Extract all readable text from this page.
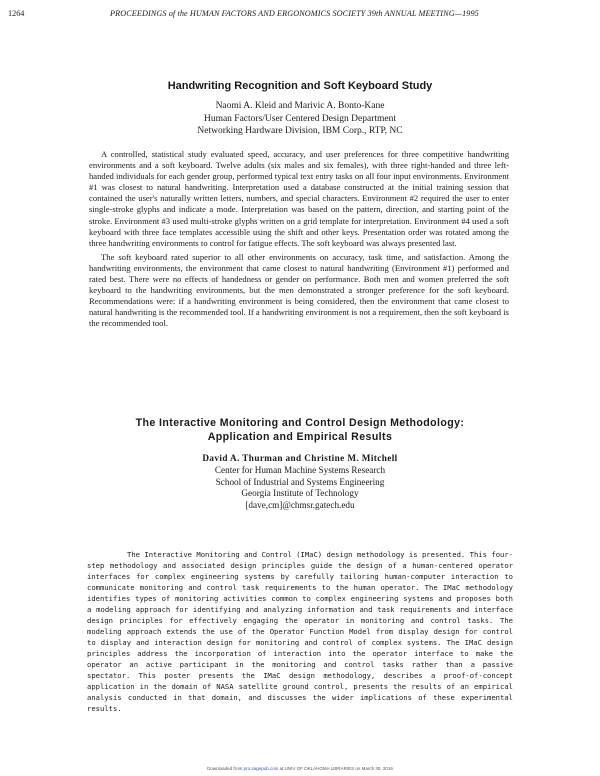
1264	PROCEEDINGS of the HUMAN FACTORS AND ERGONOMICS SOCIETY 39th ANNUAL MEETING—1995
Handwriting Recognition and Soft Keyboard Study
Naomi A. Kleid and Marivic A. Bonto-Kane
Human Factors/User Centered Design Department
Networking Hardware Division, IBM Corp., RTP, NC

A controlled, statistical study evaluated speed, accuracy, and user preferences for three competitive handwriting environments and a soft keyboard. Twelve adults (six males and six females), with three right-handed and three left-handed individuals for each gender group, performed typical text entry tasks on all four input environments. Environment #1 was closest to natural handwriting. Interpretation used a database constructed at the initial training session that contained the user's naturally written letters, numbers, and special characters. Environment #2 required the user to enter single-stroke glyphs and indicate a mode. Interpretation was based on the pattern, direction, and starting point of the stroke. Environment #3 used multi-stroke glyphs written on a grid template for interpretation. Environment #4 used a soft keyboard with three face templates accessible using the shift and other keys. Presentation order was rotated among the three handwriting environments to control for fatigue effects. The soft keyboard was always presented last.

The soft keyboard rated superior to all other environments on accuracy, task time, and satisfaction. Among the handwriting environments, the environment that came closest to natural handwriting (Environment #1) performed and rated best. There were no effects of handedness or gender on performance. Both men and women preferred the soft keyboard to the handwriting environments, but the men demonstrated a stronger preference for the soft keyboard. Recommendations were: if a handwriting environment is being considered, then the environment that came closest to natural handwriting is the recommended tool. If a handwriting environment is not a requirement, then the soft keyboard is the recommended tool.

The Interactive Monitoring and Control Design Methodology:
Application and Empirical Results
David A. Thurman and Christine M. Mitchell
Center for Human Machine Systems Research
School of Industrial and Systems Engineering
Georgia Institute of Technology
[dave,cm]@chmsr.gatech.edu

The Interactive Monitoring and Control (IMaC) design methodology is presented. This four-step methodology and associated design principles guide the design of a human-centered operator interfaces for complex engineering systems by carefully tailoring human-computer interaction to communicate monitoring and control task requirements to the human operator. The IMaC methodology identifies types of monitoring activities common to complex engineering systems and proposes both a modeling approach for identifying and analyzing information and task requirements and interface design principles for effectively engaging the operator in monitoring and control tasks. The modeling approach extends the use of the Operator Function Model from display design for control to display and interaction design for monitoring and control of complex systems. The IMaC design principles address the incorporation of interaction into the operator interface to make the operator an active participant in the monitoring and control tasks rather than a passive spectator. This poster presents the IMaC design methodology, describes a proof-of-concept application in the domain of NASA satellite ground control, presents the results of an empirical analysis conducted in that domain, and discusses the wider implications of these experimental results.

Downloaded from pro.sagepub.com at UNIV OF OKLAHOMA LIBRARIES on March 30, 2016
